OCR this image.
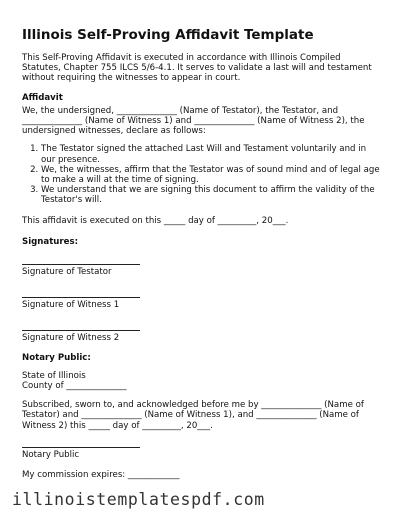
Illinois Self-Proving Affidavit Template

This Self-Proving Affidavit is executed in accordance with Illinois Compiled Statutes, Chapter 755 ILCS 5/6-4.1. It serves to validate a last will and testament without requiring the witnesses to appear in court.

Affidavit

We, the undersigned, ______________ (Name of Testator), the Testator, and ______________ (Name of Witness 1) and ______________ (Name of Witness 2), the undersigned witnesses, declare as follows:

1. The Testator signed the attached Last Will and Testament voluntarily and in our presence.
2. We, the witnesses, affirm that the Testator was of sound mind and of legal age to make a will at the time of signing.
3. We understand that we are signing this document to affirm the validity of the Testator's will.

This affidavit is executed on this _____ day of _________, 20___.

Signatures:
Signature of Testator
Signature of Witness 1
Signature of Witness 2
Notary Public:
State of Illinois
County of ______________

Subscribed, sworn to, and acknowledged before me by ______________ (Name of Testator) and ______________ (Name of Witness 1), and ______________ (Name of Witness 2) this _____ day of _________, 20___.

Notary Public
My commission expires: ____________
illinoistemplatespdf.com
